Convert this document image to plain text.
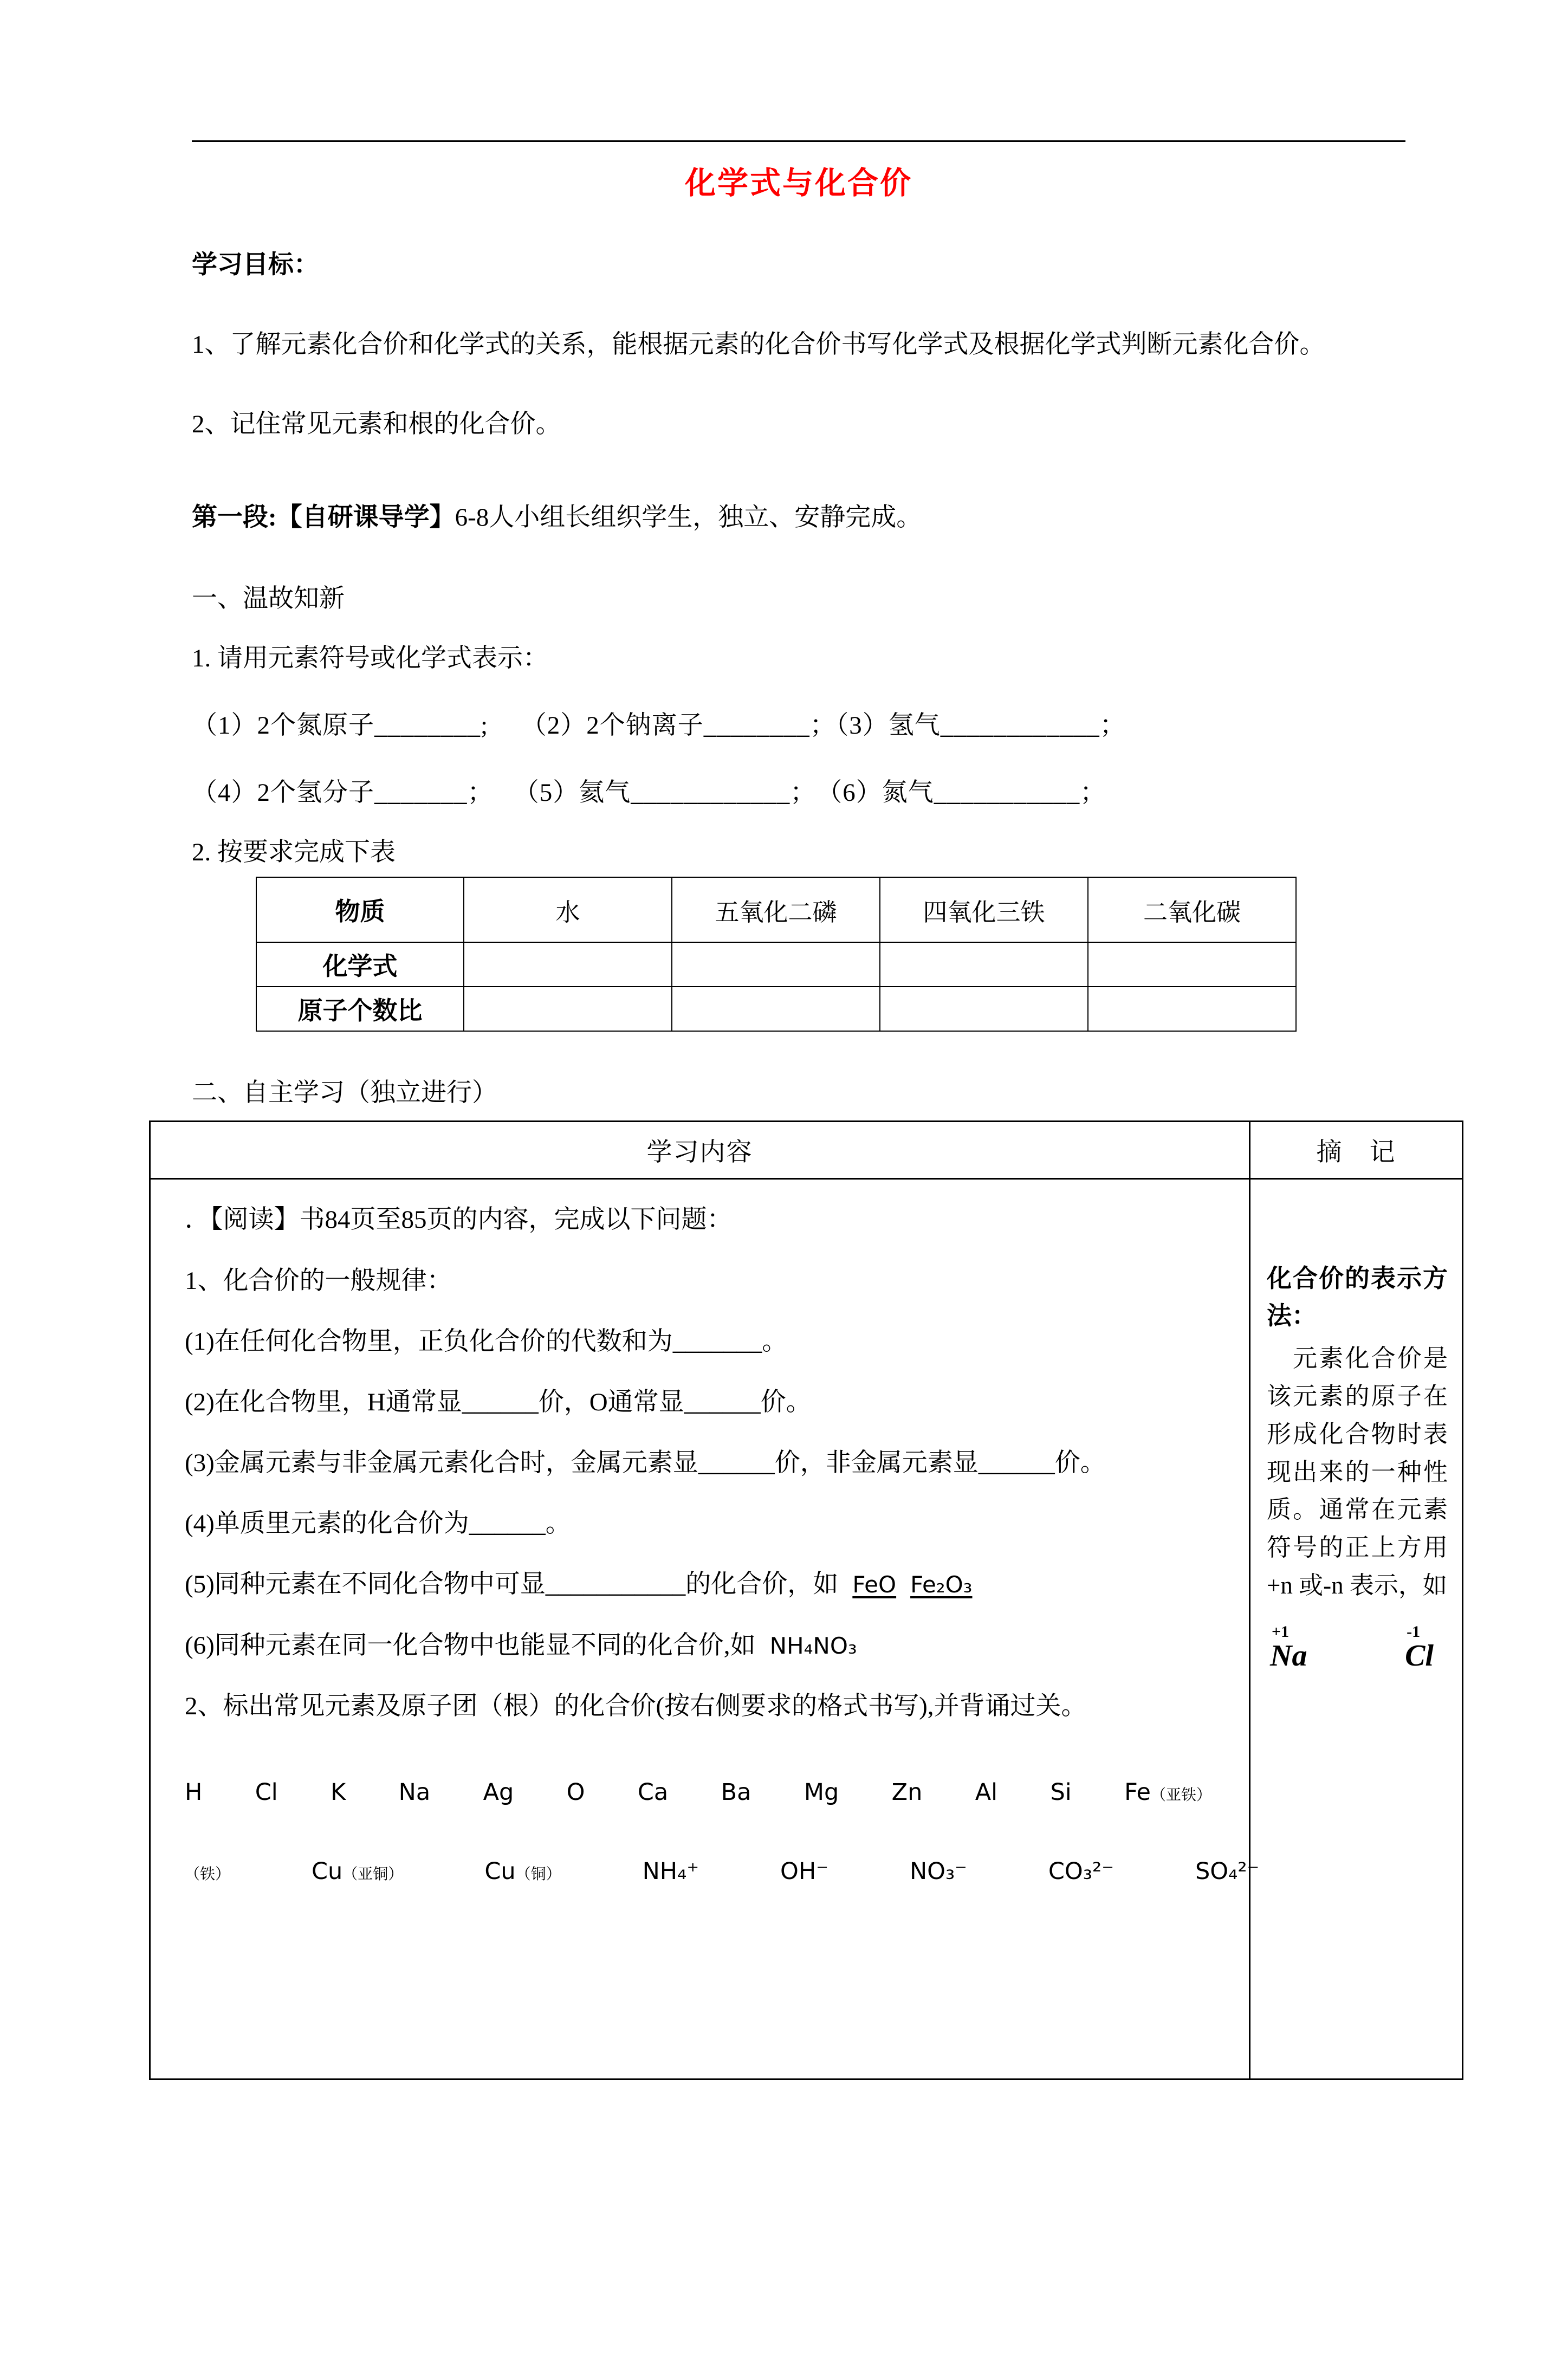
化学式与化合价

学习目标：

1、了解元素化合价和化学式的关系，能根据元素的化合价书写化学式及根据化学式判断元素化合价。

2、记住常见元素和根的化合价。

第一段:【自研课导学】6-8人小组长组织学生，独立、安静完成。

一、温故知新

1. 请用元素符号或化学式表示：

（1）2个氮原子________;　 （2）2个钠离子________；（3）氢气____________；

（4）2个氢分子_______；　 （5）氦气____________；　（6）氮气___________；

2. 按要求完成下表

物质	水	五氧化二磷	四氧化三铁	二氧化碳
化学式				
原子个数比				

二、自主学习（独立进行）

学习内容	摘　记

．【阅读】书84页至85页的内容，完成以下问题：

1、化合价的一般规律：

(1)在任何化合物里，正负化合价的代数和为_______。

(2)在化合物里，H通常显______价，O通常显______价。

(3)金属元素与非金属元素化合时，金属元素显______价，非金属元素显______价。

(4)单质里元素的化合价为______。

(5)同种元素在不同化合物中可显___________的化合价，如 FeO Fe₂O₃

(6)同种元素在同一化合物中也能显不同的化合价,如 NH₄NO₃

2、标出常见元素及原子团（根）的化合价(按右侧要求的格式书写),并背诵过关。

H Cl K Na Ag O Ca Ba Mg Zn Al Si Fe（亚铁）
（铁）	Cu（亚铜）	Cu（铜）	NH₄⁺	OH⁻	NO₃⁻	CO₃²⁻	SO₄²⁻

化合价的表示方法：

　元素化合价是该元素的原子在形成化合物时表现出来的一种性质。通常在元素符号的正上方用+n 或-n 表示，如

+1
Na
-1
Cl
